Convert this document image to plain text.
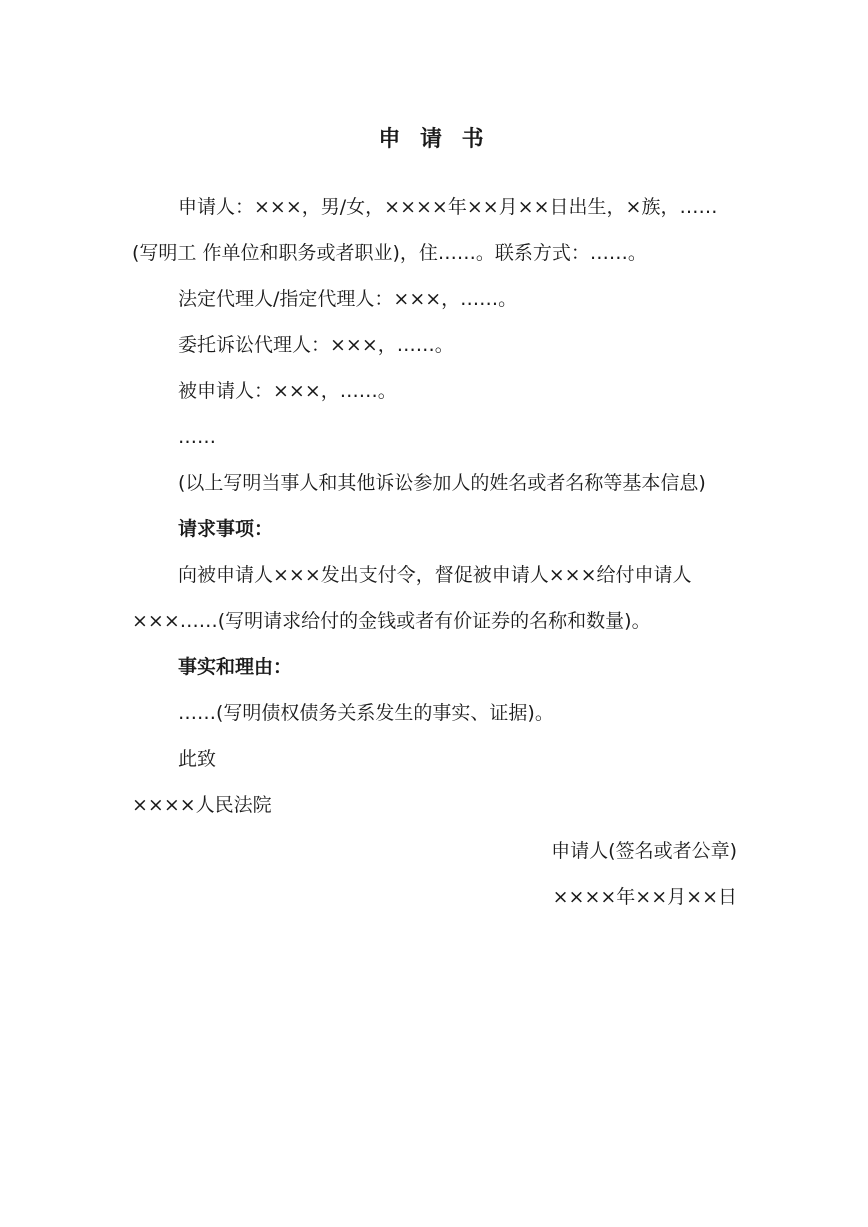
申 请 书

申请人：×××，男/女，××××年××月××日出生，×族，……(写明工 作单位和职务或者职业)，住……。联系方式：……。

法定代理人/指定代理人：×××，……。

委托诉讼代理人：×××，……。

被申请人：×××，……。

……

(以上写明当事人和其他诉讼参加人的姓名或者名称等基本信息)

请求事项：

向被申请人×××发出支付令，督促被申请人×××给付申请人×××……(写明请求给付的金钱或者有价证券的名称和数量)。

事实和理由：

……(写明债权债务关系发生的事实、证据)。

此致

××××人民法院

申请人(签名或者公章)

××××年××月××日
